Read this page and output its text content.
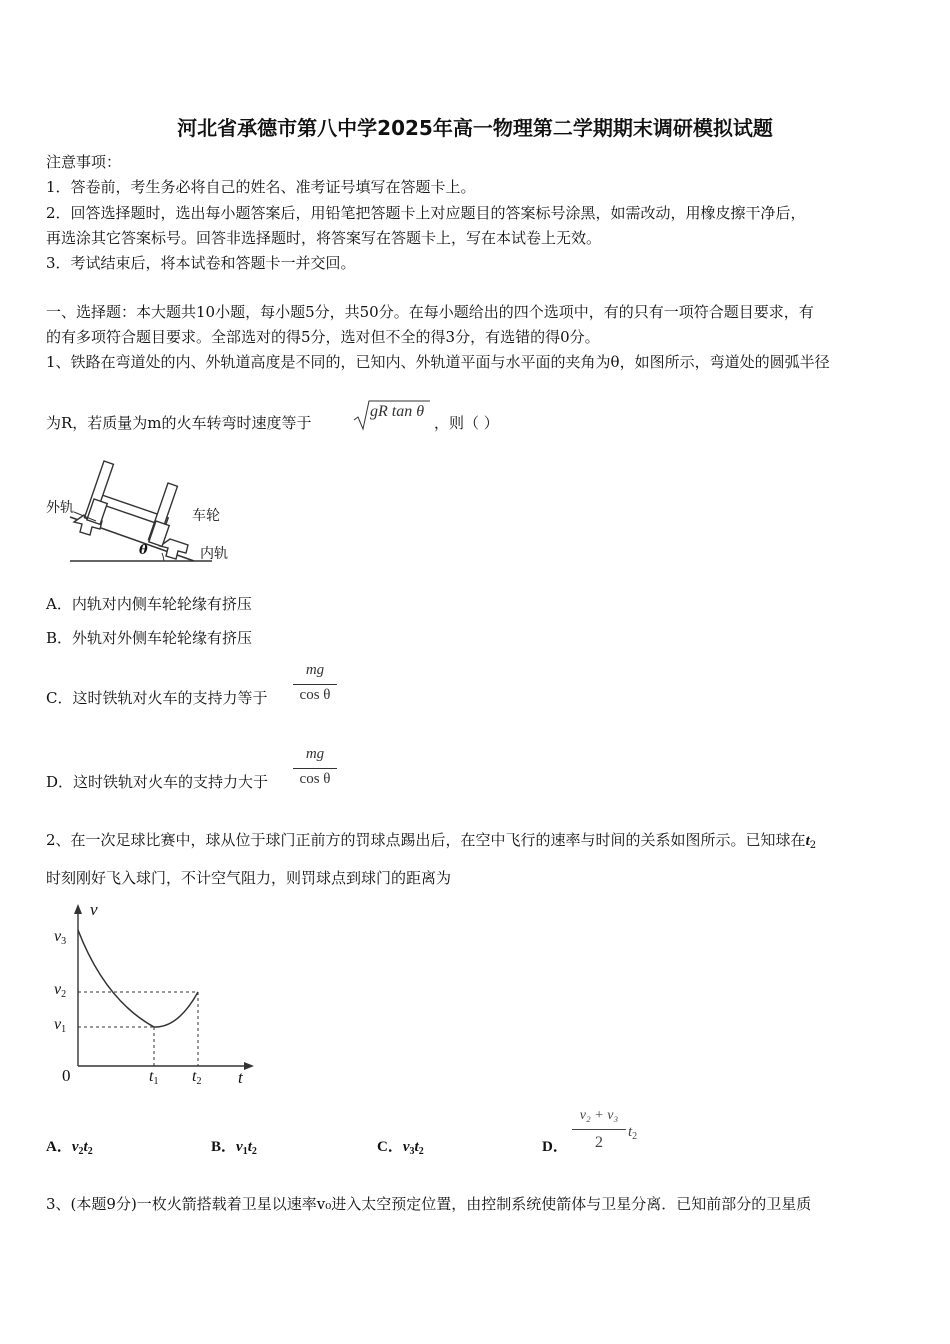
河北省承德市第八中学2025年高一物理第二学期期末调研模拟试题
注意事项：
1．答卷前，考生务必将自己的姓名、准考证号填写在答题卡上。
2．回答选择题时，选出每小题答案后，用铅笔把答题卡上对应题目的答案标号涂黑，如需改动，用橡皮擦干净后，
再选涂其它答案标号。回答非选择题时，将答案写在答题卡上，写在本试卷上无效。
3．考试结束后，将本试卷和答题卡一并交回。
一、选择题：本大题共10小题，每小题5分，共50分。在每小题给出的四个选项中，有的只有一项符合题目要求，有
的有多项符合题目要求。全部选对的得5分，选对但不全的得3分，有选错的得0分。
1、铁路在弯道处的内、外轨道高度是不同的，已知内、外轨道平面与水平面的夹角为θ，如图所示，弯道处的圆弧半径
为R，若质量为m的火车转弯时速度等于
gR tan θ
，则（ ）
外轨	车轮
内轨
θ
A．内轨对内侧车轮轮缘有挤压
B．外轨对外侧车轮轮缘有挤压
C．这时铁轨对火车的支持力等于
mg
cos θ
D．这时铁轨对火车的支持力大于
mg
cos θ
2、在一次足球比赛中，球从位于球门正前方的罚球点踢出后，在空中飞行的速率与时间的关系如图所示。已知球在$t_2$
时刻刚好飞入球门，不计空气阻力，则罚球点到球门的距离为
v
t
0
$v_3$
$v_2$
$v_1$
$t_1$ $t_2$
A．$v_2t_2$	B．$v_1t_2$	C．$v_3t_2$	D．
v₂ + v₃
2
$t_2$
3、(本题9分)一枚火箭搭载着卫星以速率v₀进入太空预定位置，由控制系统使箭体与卫星分离．已知前部分的卫星质
